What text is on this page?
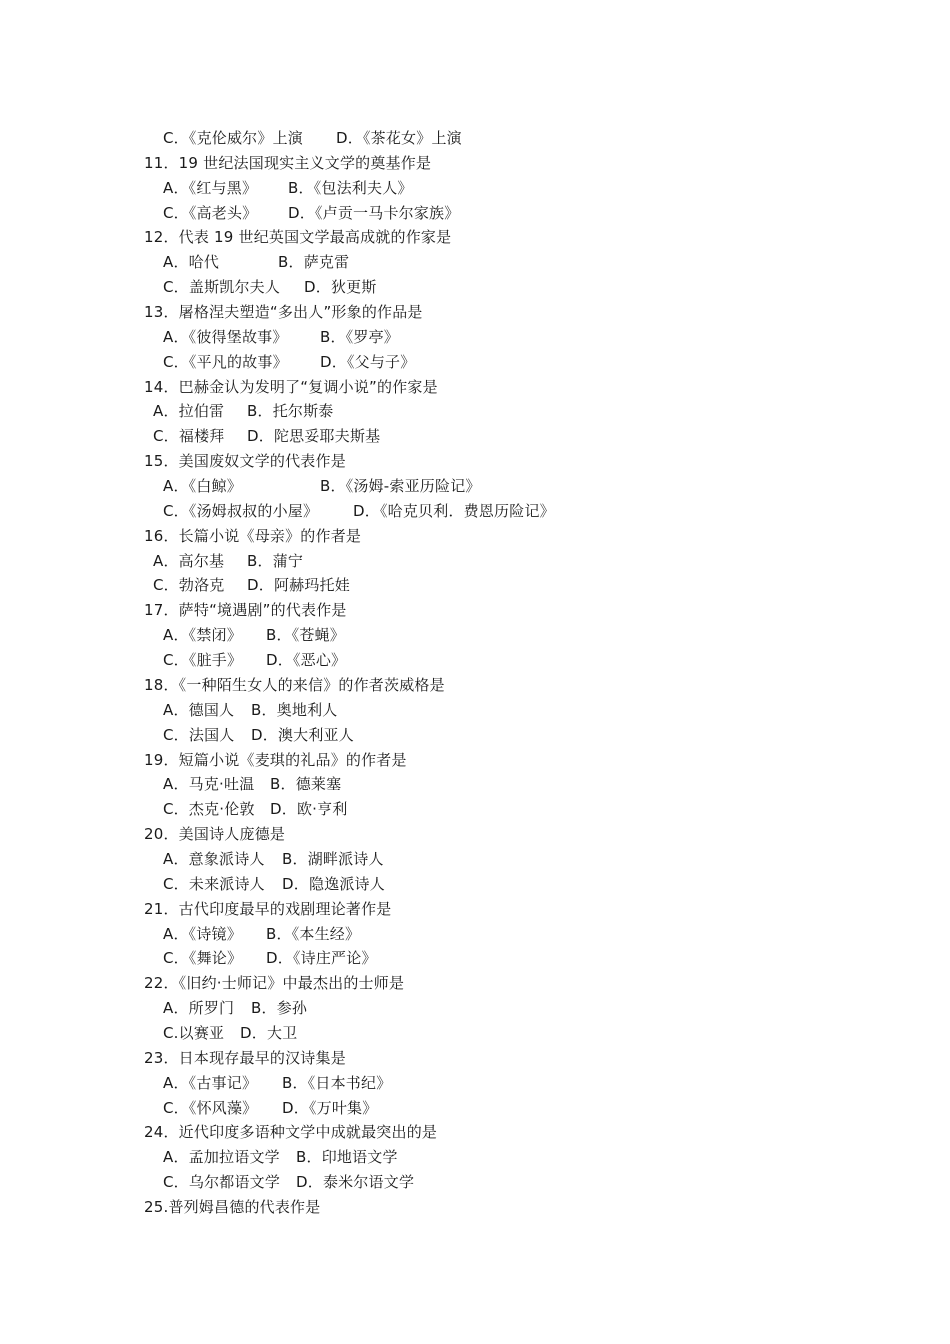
C．《克伦威尔》上演 D．《茶花女》上演
11．19 世纪法国现实主义文学的奠基作是
A．《红与黑》 B．《包法利夫人》
C．《高老头》 D．《卢贡一马卡尔家族》
12．代表 19 世纪英国文学最高成就的作家是
A．哈代	B．萨克雷
C．盖斯凯尔夫人 D．狄更斯
13．屠格涅夫塑造“多出人”形象的作品是
A．《彼得堡故事》 B．《罗亭》
C．《平凡的故事》 D．《父与子》
14．巴赫金认为发明了“复调小说”的作家是
A．拉伯雷 B．托尔斯泰
C．福楼拜 D．陀思妥耶夫斯基
15．美国废奴文学的代表作是
A．《白鲸》	B．《汤姆-索亚历险记》
C．《汤姆叔叔的小屋》 D．《哈克贝利．费恩历险记》
16．长篇小说《母亲》的作者是
A．高尔基 B．蒲宁
C．勃洛克 D．阿赫玛托娃
17．萨特“境遇剧”的代表作是
A．《禁闭》 B．《苍蝇》
C．《脏手》 D．《恶心》
18．《一种陌生女人的来信》的作者茨威格是
A．德国人 B．奥地利人
C．法国人 D．澳大利亚人
19．短篇小说《麦琪的礼品》的作者是
A．马克·吐温 B．德莱塞
C．杰克·伦敦 D．欧·亨利
20．美国诗人庞德是
A．意象派诗人 B．湖畔派诗人
C．未来派诗人 D．隐逸派诗人
21．古代印度最早的戏剧理论著作是
A．《诗镜》 B．《本生经》
C．《舞论》 D．《诗庄严论》
22．《旧约·士师记》中最杰出的士师是
A．所罗门 B．参孙
C.以赛亚 D．大卫
23．日本现存最早的汉诗集是
A．《古事记》 B．《日本书纪》
C．《怀风藻》 D．《万叶集》
24．近代印度多语种文学中成就最突出的是
A．孟加拉语文学 B．印地语文学
C．乌尔都语文学 D．泰米尔语文学
25.普列姆昌德的代表作是
